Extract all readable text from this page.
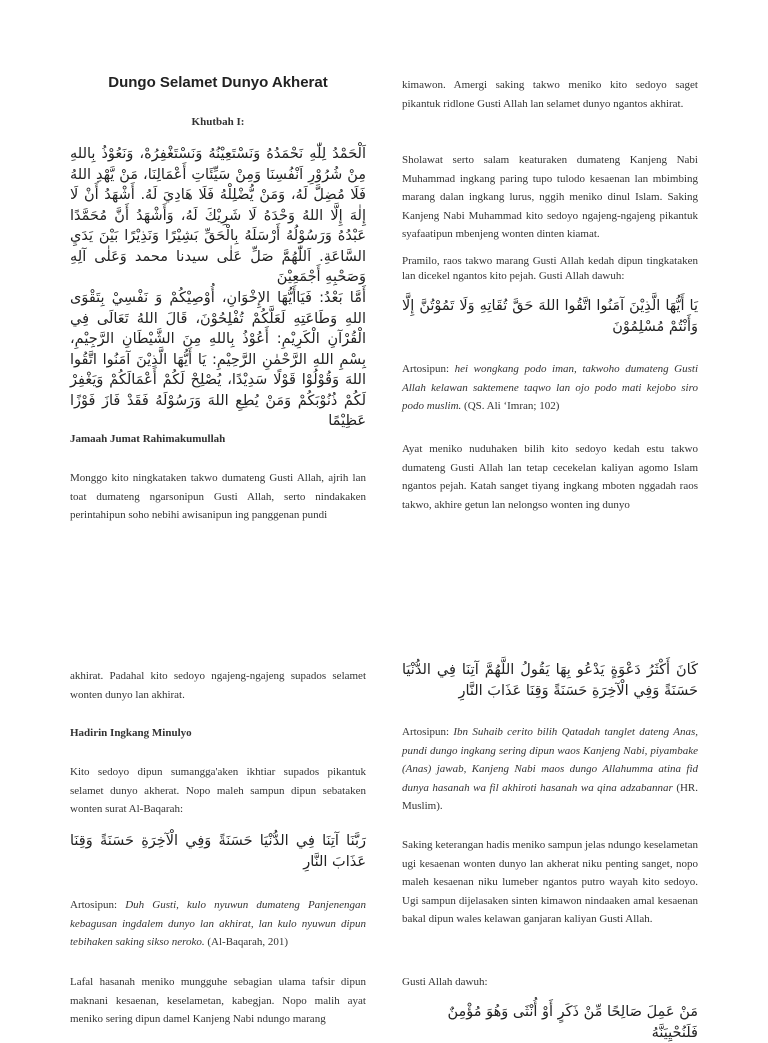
Dungo Selamet Dunyo Akherat
Khutbah I:
اَلْحَمْدُ لِلّٰهِ نَحْمَدُهُ وَنَسْتَعِيْنُهُ وَنَسْتَغْفِرُهْ، وَنَعُوْذُ بِاللهِ مِنْ شُرُوْرِ اَنْفُسِنَا وَمِنْ سَيِّئَاتِ أَعْمَالِنَا، مَنْ يَّهْدِ اللهُ فَلَا مُضِلَّ لَهُ، وَمَنْ يُّضْلِلْهُ فَلَا هَادِيَ لَهُ. أَشْهَدُ أَنْ لَا إِلٰهَ إِلَّا اللهُ وَحْدَهُ لَا شَرِيْكَ لَهُ، وَأَشْهَدُ أَنَّ مُحَمَّدًا عَبْدُهُ وَرَسُوْلُهُ أَرْسَلَهُ بِالْحَقِّ بَشِيْرًا وَنَذِيْرًا بَيْنَ يَدَيِ السَّاعَةِ. اَللّٰهُمَّ صَلِّ عَلٰى سيدنا محمد وَعَلٰى آلِهِ وَصَحْبِهِ أَجْمَعِيْنَ
أَمَّا بَعْدُ: فَيَاأَيُّهَا الإِخْوَانِ، أُوْصِيْكُمْ وَ نَفْسِيْ بِتَقْوَى اللهِ وَطَاعَتِهِ لَعَلَّكُمْ تُفْلِحُوْنَ، قَالَ اللهُ تَعَالَى فِي الْقُرْآنِ الْكَرِيْمِ: أَعُوْذُ بِاللهِ مِنَ الشَّيْطَانِ الرَّجِيْمِ، بِسْمِ اللهِ الرَّحْمٰنِ الرَّحِيْمِ: يَا أَيُّهَا الَّذِيْنَ آمَنُوا اتَّقُوا اللهَ وَقُوْلُوْا قَوْلًا سَدِيْدًا، يُصْلِحْ لَكُمْ أَعْمَالَكُمْ وَيَغْفِرْ لَكُمْ ذُنُوْبَكُمْ وَمَنْ يُطِعِ اللهَ وَرَسُوْلَهُ فَقَدْ فَازَ فَوْزًا عَظِيْمًا
Jamaah Jumat Rahimakumullah
Monggo kito ningkataken takwo dumateng Gusti Allah, ajrih lan toat dumateng ngarsonipun Gusti Allah, serto nindakaken perintahipun soho nebihi awisanipun ing panggenan pundi
kimawon. Amergi saking takwo meniko kito sedoyo saget pikantuk ridlone Gusti Allah lan selamet dunyo ngantos akhirat.
Sholawat serto salam keaturaken dumateng Kanjeng Nabi Muhammad ingkang paring tupo tulodo kesaenan lan mbimbing marang dalan ingkang lurus, nggih meniko dinul Islam. Saking Kanjeng Nabi Muhammad kito sedoyo ngajeng-ngajeng pikantuk syafaatipun mbenjeng wonten dinten kiamat.
Pramilo, raos takwo marang Gusti Allah kedah dipun tingkataken lan dicekel ngantos kito pejah. Gusti Allah dawuh:
يَا أَيُّهَا الَّذِيْنَ آمَنُوا اتَّقُوا اللهَ حَقَّ تُقَاتِهِ وَلَا تَمُوْتُنَّ إِلَّا وَأَنْتُمْ مُسْلِمُوْنَ
Artosipun: hei wongkang podo iman, takwoho dumateng Gusti Allah kelawan saktemene taqwo lan ojo podo mati kejobo siro podo muslim. (QS. Ali ‘Imran; 102)
Ayat meniko nuduhaken bilih kito sedoyo kedah estu takwo dumateng Gusti Allah lan tetap cecekelan kaliyan agomo Islam ngantos pejah. Katah sanget tiyang ingkang mboten nggadah raos takwo, akhire getun lan nelongso wonten ing dunyo
akhirat. Padahal kito sedoyo ngajeng-ngajeng supados selamet wonten dunyo lan akhirat.
Hadirin Ingkang Minulyo
Kito sedoyo dipun sumangga'aken ikhtiar supados pikantuk selamet dunyo akherat. Nopo maleh sampun dipun sebataken wonten surat Al-Baqarah:
رَبَّنَا آتِنَا فِي الدُّنْيَا حَسَنَةً وَفِي الْآخِرَةِ حَسَنَةً وَقِنَا عَذَابَ النَّارِ
Artosipun: Duh Gusti, kulo nyuwun dumateng Panjenengan kebagusan ingdalem dunyo lan akhirat, lan kulo nyuwun dipun tebihaken saking sikso neroko. (Al-Baqarah, 201)
Lafal hasanah meniko mungguhe sebagian ulama tafsir dipun maknani kesaenan, keselametan, kabegjan. Nopo malih ayat meniko sering dipun damel Kanjeng Nabi ndungo marang
كَانَ أَكْثَرُ دَعْوَةٍ يَدْعُو بِهَا يَقُولُ اللَّهُمَّ آتِنَا فِي الدُّنْيَا حَسَنَةً وَفِي الْآخِرَةِ حَسَنَةً وَقِنَا عَذَابَ النَّارِ
Artosipun: Ibn Suhaib cerito bilih Qatadah tanglet dateng Anas, pundi dungo ingkang sering dipun waos Kanjeng Nabi, piyambake (Anas) jawab, Kanjeng Nabi maos dungo Allahumma atina fid dunya hasanah wa fil akhiroti hasanah wa qina adzabannar (HR. Muslim).
Saking keterangan hadis meniko sampun jelas ndungo keselametan ugi kesaenan wonten dunyo lan akherat niku penting sanget, nopo maleh kesaenan niku lumeber ngantos putro wayah kito sedoyo. Ugi sampun dijelasaken sinten kimawon nindaaken amal kesaenan bakal dipun wales kelawan ganjaran kaliyan Gusti Allah.
Gusti Allah dawuh:
مَنْ عَمِلَ صَالِحًا مِّنْ ذَكَرٍ أَوْ أُنْثَى وَهُوَ مُؤْمِنٌ فَلَنُحْيِيَنَّهُ
